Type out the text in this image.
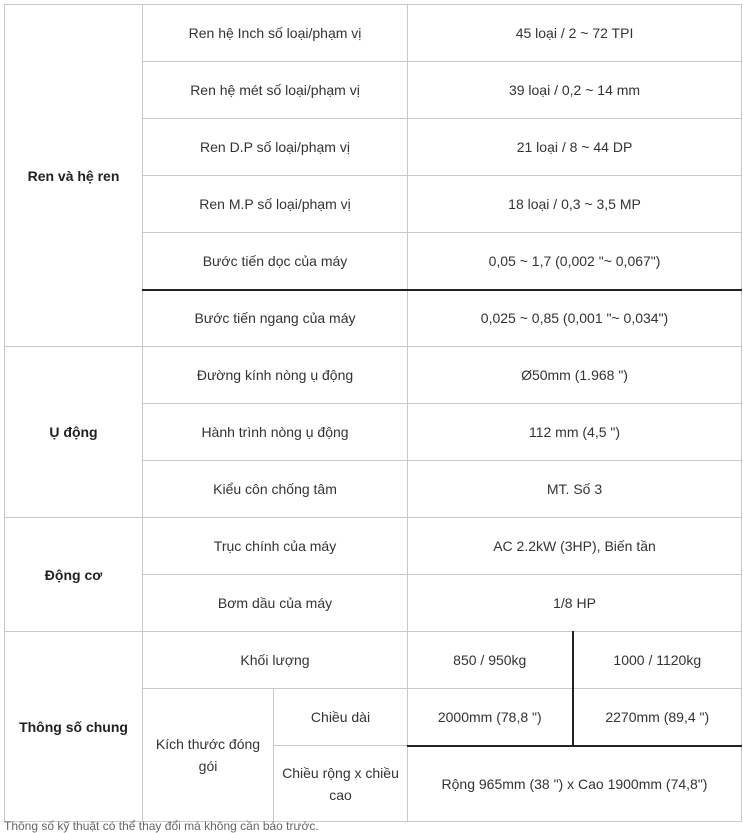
Ren và hệ ren	Ren hệ Inch số loại/phạm vị		45 loại / 2 ~ 72 TPI	
	Ren hệ mét số loại/phạm vị		39 loại / 0,2 ~ 14 mm	
	Ren D.P số loại/phạm vị		21 loại / 8 ~ 44 DP	
	Ren M.P số loại/phạm vị		18 loại / 0,3 ~ 3,5 MP	
	Bước tiến dọc của máy		0,05 ~ 1,7 (0,002 "~ 0,067")	
	Bước tiến ngang của máy		0,025 ~ 0,85 (0,001 "~ 0,034")	
Ụ động	Đường kính nòng ụ động		Ø50mm (1.968 ")	
	Hành trình nòng ụ động		112 mm (4,5 ")	
	Kiểu côn chống tâm		MT. Số 3	
Động cơ	Trục chính của máy		AC 2.2kW (3HP), Biến tần	
	Bơm dầu của máy		1/8 HP	
Thông số chung	Khối lượng		850 / 950kg	1000 / 1120kg
	Kích thước đóng gói	Chiều dài	2000mm (78,8 ")	2270mm (89,4 ")
		Chiều rộng x chiều cao	Rộng 965mm (38 ") x Cao 1900mm (74,8")	
Thông số kỹ thuật có thể thay đổi mà không cần báo trước.
